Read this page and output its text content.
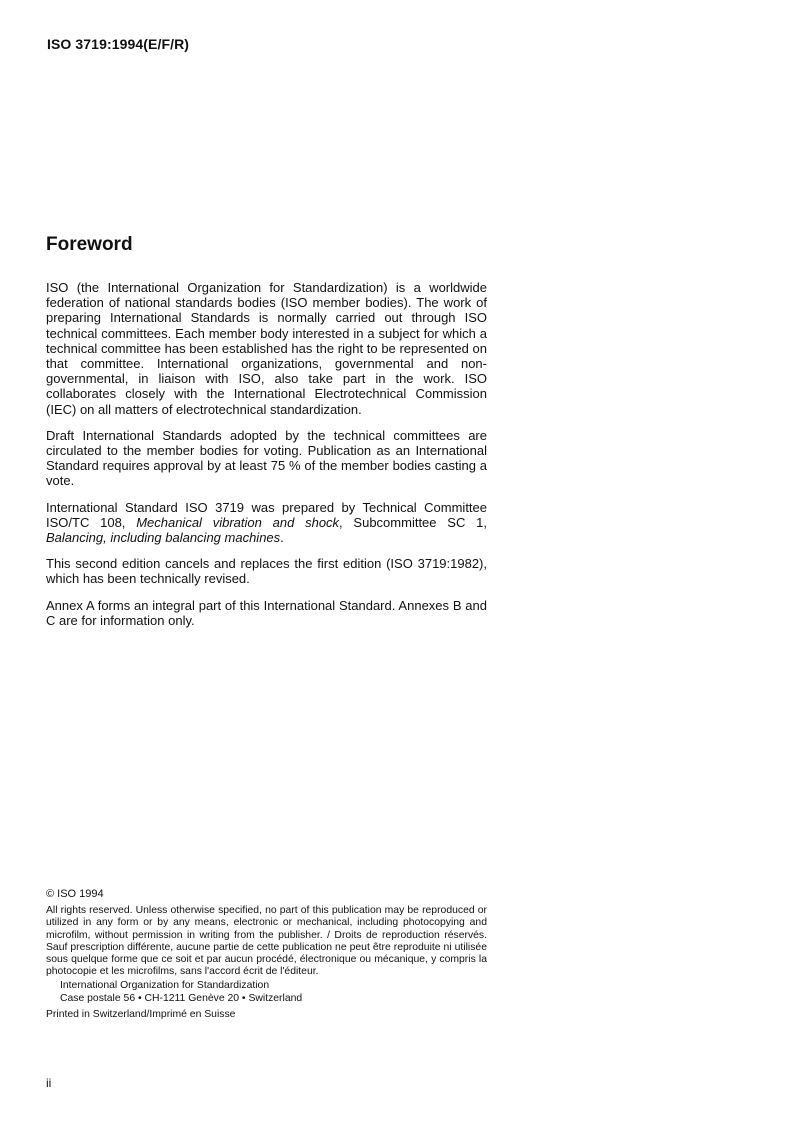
ISO 3719:1994(E/F/R)
Foreword

ISO (the International Organization for Standardization) is a worldwide federation of national standards bodies (ISO member bodies). The work of preparing International Standards is normally carried out through ISO technical committees. Each member body interested in a subject for which a technical committee has been established has the right to be represented on that committee. International organizations, governmental and non-governmental, in liaison with ISO, also take part in the work. ISO collaborates closely with the International Electrotechnical Commission (IEC) on all matters of electrotechnical standardization.

Draft International Standards adopted by the technical committees are circulated to the member bodies for voting. Publication as an International Standard requires approval by at least 75 % of the member bodies casting a vote.

International Standard ISO 3719 was prepared by Technical Committee ISO/TC 108, Mechanical vibration and shock, Subcommittee SC 1, Balancing, including balancing machines.

This second edition cancels and replaces the first edition (ISO 3719:1982), which has been technically revised.

Annex A forms an integral part of this International Standard. Annexes B and C are for information only.

© ISO 1994

All rights reserved. Unless otherwise specified, no part of this publication may be reproduced or utilized in any form or by any means, electronic or mechanical, including photocopying and microfilm, without permission in writing from the publisher. / Droits de reproduction réservés. Sauf prescription différente, aucune partie de cette publication ne peut être reproduite ni utilisée sous quelque forme que ce soit et par aucun procédé, électronique ou mécanique, y compris la photocopie et les microfilms, sans l'accord écrit de l'éditeur.

International Organization for Standardization
Case postale 56 • CH-1211 Genève 20 • Switzerland

Printed in Switzerland/Imprimé en Suisse

ii
